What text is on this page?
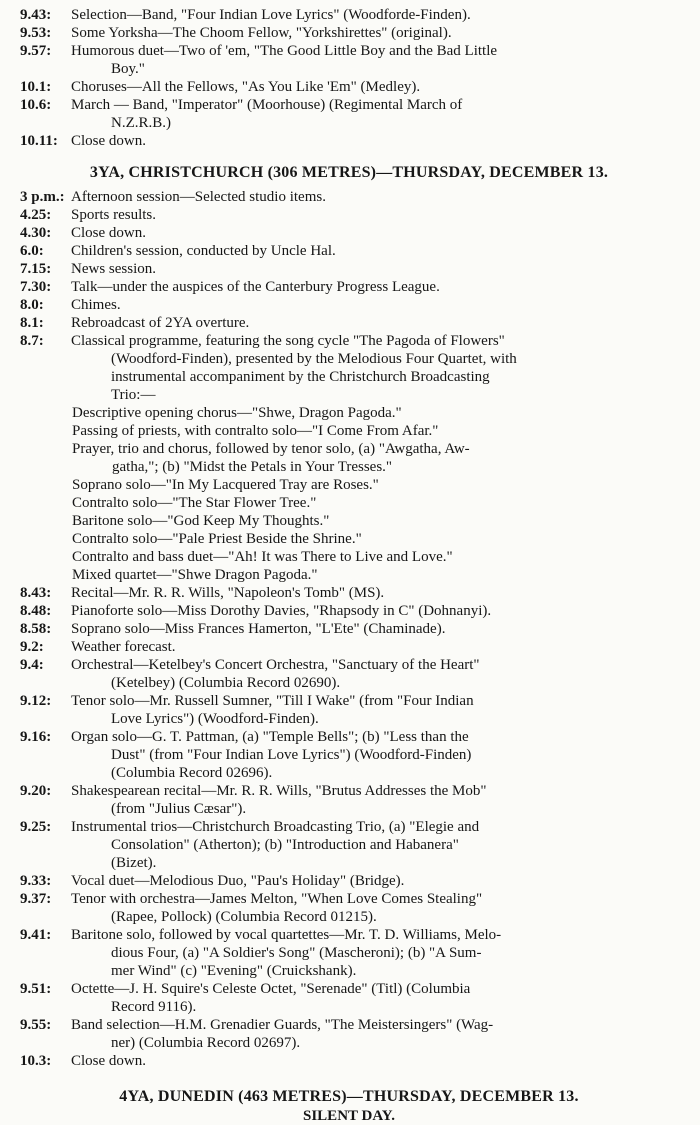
9.43:	Selection—Band, "Four Indian Love Lyrics" (Woodforde-Finden).
9.53:	Some Yorksha—The Choom Fellow, "Yorkshirettes" (original).
9.57:	Humorous duet—Two of 'em, "The Good Little Boy and the Bad Little
Boy."
10.1:	Choruses—All the Fellows, "As You Like 'Em" (Medley).
10.6:	March — Band, "Imperator" (Moorhouse) (Regimental March of
N.Z.R.B.)
10.11: Close down.
3YA, CHRISTCHURCH (306 METRES)—THURSDAY, DECEMBER 13.
3 p.m.: Afternoon session—Selected studio items.
4.25:	Sports results.
4.30:	Close down.
6.0:	Children's session, conducted by Uncle Hal.
7.15:	News session.
7.30:	Talk—under the auspices of the Canterbury Progress League.
8.0:	Chimes.
8.1:	Rebroadcast of 2YA overture.
8.7:	Classical programme, featuring the song cycle "The Pagoda of Flowers"
(Woodford-Finden), presented by the Melodious Four Quartet, with
instrumental accompaniment by the Christchurch Broadcasting
Trio:—
Descriptive opening chorus—"Shwe, Dragon Pagoda."
Passing of priests, with contralto solo—"I Come From Afar."
Prayer, trio and chorus, followed by tenor solo, (a) "Awgatha, Aw-
gatha,"; (b) "Midst the Petals in Your Tresses."
Soprano solo—"In My Lacquered Tray are Roses."
Contralto solo—"The Star Flower Tree."
Baritone solo—"God Keep My Thoughts."
Contralto solo—"Pale Priest Beside the Shrine."
Contralto and bass duet—"Ah! It was There to Live and Love."
Mixed quartet—"Shwe Dragon Pagoda."
8.43:	Recital—Mr. R. R. Wills, "Napoleon's Tomb" (MS).
8.48:	Pianoforte solo—Miss Dorothy Davies, "Rhapsody in C" (Dohnanyi).
8.58:	Soprano solo—Miss Frances Hamerton, "L'Ete" (Chaminade).
9.2:	Weather forecast.
9.4:	Orchestral—Ketelbey's Concert Orchestra, "Sanctuary of the Heart"
(Ketelbey) (Columbia Record 02690).
9.12:	Tenor solo—Mr. Russell Sumner, "Till I Wake" (from "Four Indian
Love Lyrics") (Woodford-Finden).
9.16:	Organ solo—G. T. Pattman, (a) "Temple Bells"; (b) "Less than the
Dust" (from "Four Indian Love Lyrics") (Woodford-Finden)
(Columbia Record 02696).
9.20:	Shakespearean recital—Mr. R. R. Wills, "Brutus Addresses the Mob"
(from "Julius Cæsar").
9.25:	Instrumental trios—Christchurch Broadcasting Trio, (a) "Elegie and
Consolation" (Atherton); (b) "Introduction and Habanera"
(Bizet).
9.33:	Vocal duet—Melodious Duo, "Pau's Holiday" (Bridge).
9.37:	Tenor with orchestra—James Melton, "When Love Comes Stealing"
(Rapee, Pollock) (Columbia Record 01215).
9.41:	Baritone solo, followed by vocal quartettes—Mr. T. D. Williams, Melo-
dious Four, (a) "A Soldier's Song" (Mascheroni); (b) "A Sum-
mer Wind" (c) "Evening" (Cruickshank).
9.51:	Octette—J. H. Squire's Celeste Octet, "Serenade" (Titl) (Columbia
Record 9116).
9.55:	Band selection—H.M. Grenadier Guards, "The Meistersingers" (Wag-
ner) (Columbia Record 02697).
10.3:	Close down.
4YA, DUNEDIN (463 METRES)—THURSDAY, DECEMBER 13.
SILENT DAY.
